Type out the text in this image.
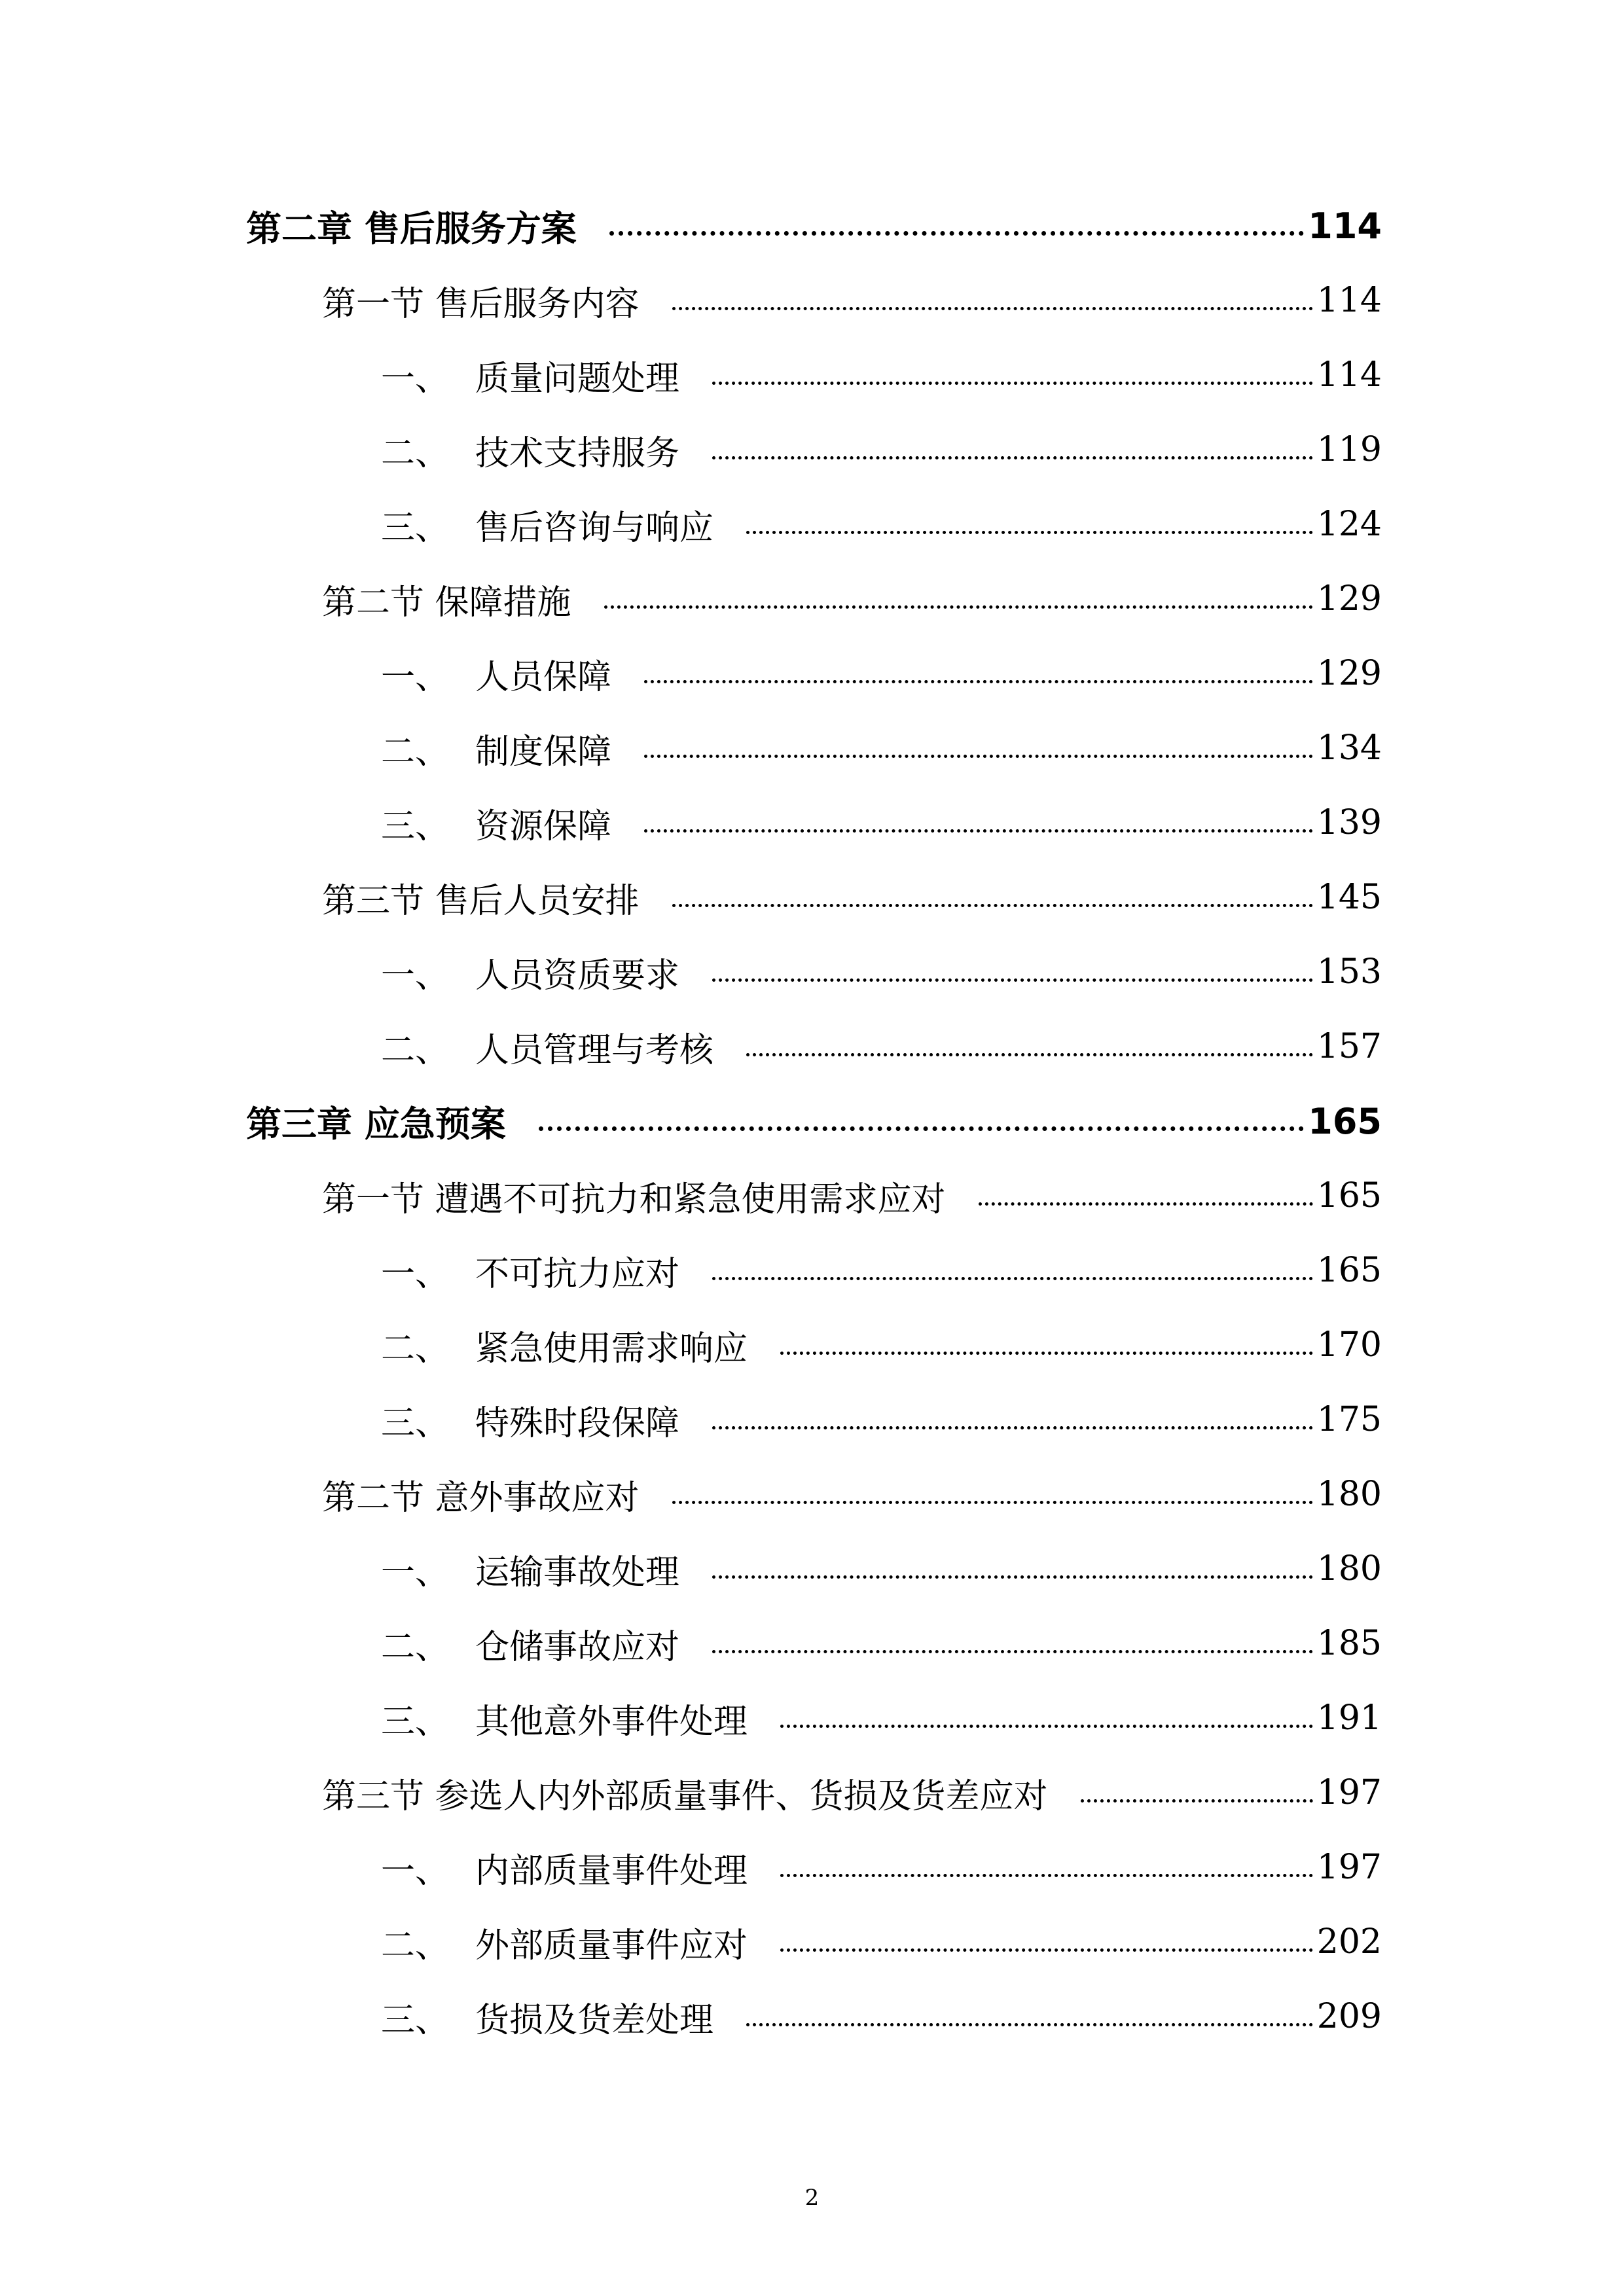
第二章 售后服务方案	114
第一节 售后服务内容	114
一、 质量问题处理	114
二、 技术支持服务	119
三、 售后咨询与响应	124
第二节 保障措施	129
一、 人员保障	129
二、 制度保障	134
三、 资源保障	139
第三节 售后人员安排	145
一、 人员资质要求	153
二、 人员管理与考核	157
第三章 应急预案	165
第一节 遭遇不可抗力和紧急使用需求应对	165
一、 不可抗力应对	165
二、 紧急使用需求响应	170
三、 特殊时段保障	175
第二节 意外事故应对	180
一、 运输事故处理	180
二、 仓储事故应对	185
三、 其他意外事件处理	191
第三节 参选人内外部质量事件、货损及货差应对	197
一、 内部质量事件处理	197
二、 外部质量事件应对	202
三、 货损及货差处理	209
2
